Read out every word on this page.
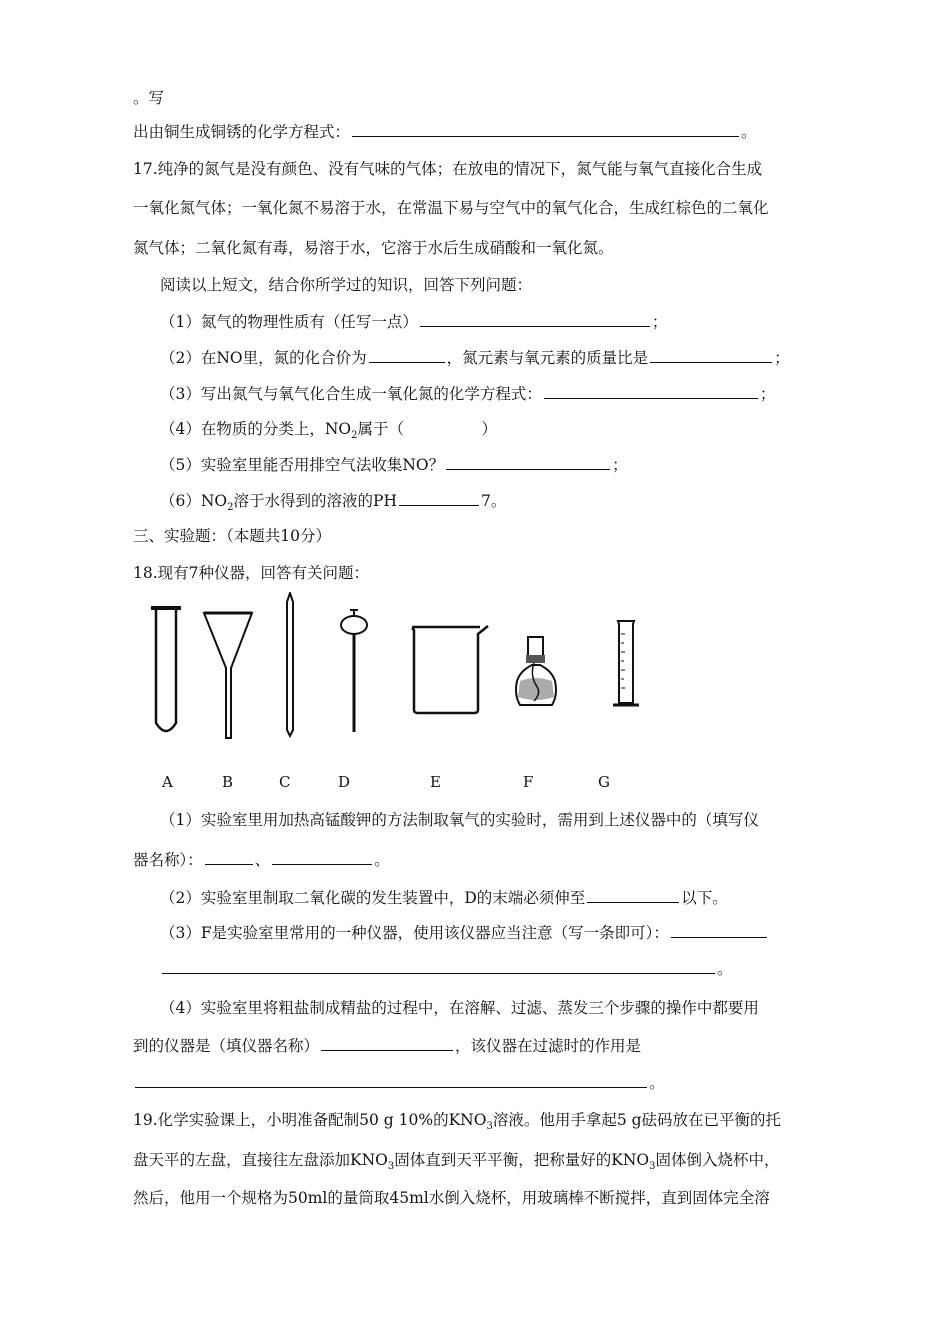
。写
出由铜生成铜锈的化学方程式：	。
17.纯净的氮气是没有颜色、没有气味的气体；在放电的情况下，氮气能与氧气直接化合生成
一氧化氮气体；一氧化氮不易溶于水，在常温下易与空气中的氧气化合，生成红棕色的二氧化
氮气体；二氧化氮有毒，易溶于水，它溶于水后生成硝酸和一氧化氮。
阅读以上短文，结合你所学过的知识，回答下列问题：
（1）氮气的物理性质有（任写一点）	；
（2）在NO里，氮的化合价为	，氮元素与氧元素的质量比是	；
（3）写出氮气与氧气化合生成一氧化氮的化学方程式：	；
（4）在物质的分类上，$NO_2$属于（　　　　　）
（5）实验室里能否用排空气法收集NO？	；
$(6)NO_2$溶于水得到的溶液的PH	7。
三、实验题：（本题共10分）
18.现有7种仪器，回答有关问题：
A	B	C	D	E	F	G
（1）实验室里用加热高锰酸钾的方法制取氧气的实验时，需用到上述仪器中的（填写仪
器名称）：	、	。
（2）实验室里制取二氧化碳的发生装置中，D的末端必须伸至	以下。
（3）F是实验室里常用的一种仪器，使用该仪器应当注意（写一条即可）：
。
（4）实验室里将粗盐制成精盐的过程中，在溶解、过滤、蒸发三个步骤的操作中都要用
到的仪器是（填仪器名称）	，该仪器在过滤时的作用是
。
19.化学实验课上，小明准备配制50 g 10%的$KNO_3$溶液。他用手拿起5 g砝码放在已平衡的托
盘天平的左盘，直接往左盘添加$KNO_3$固体直到天平平衡，把称量好的$KNO_3$固体倒入烧杯中，
然后，他用一个规格为50ml的量筒取45ml水倒入烧杯，用玻璃棒不断搅拌，直到固体完全溶
